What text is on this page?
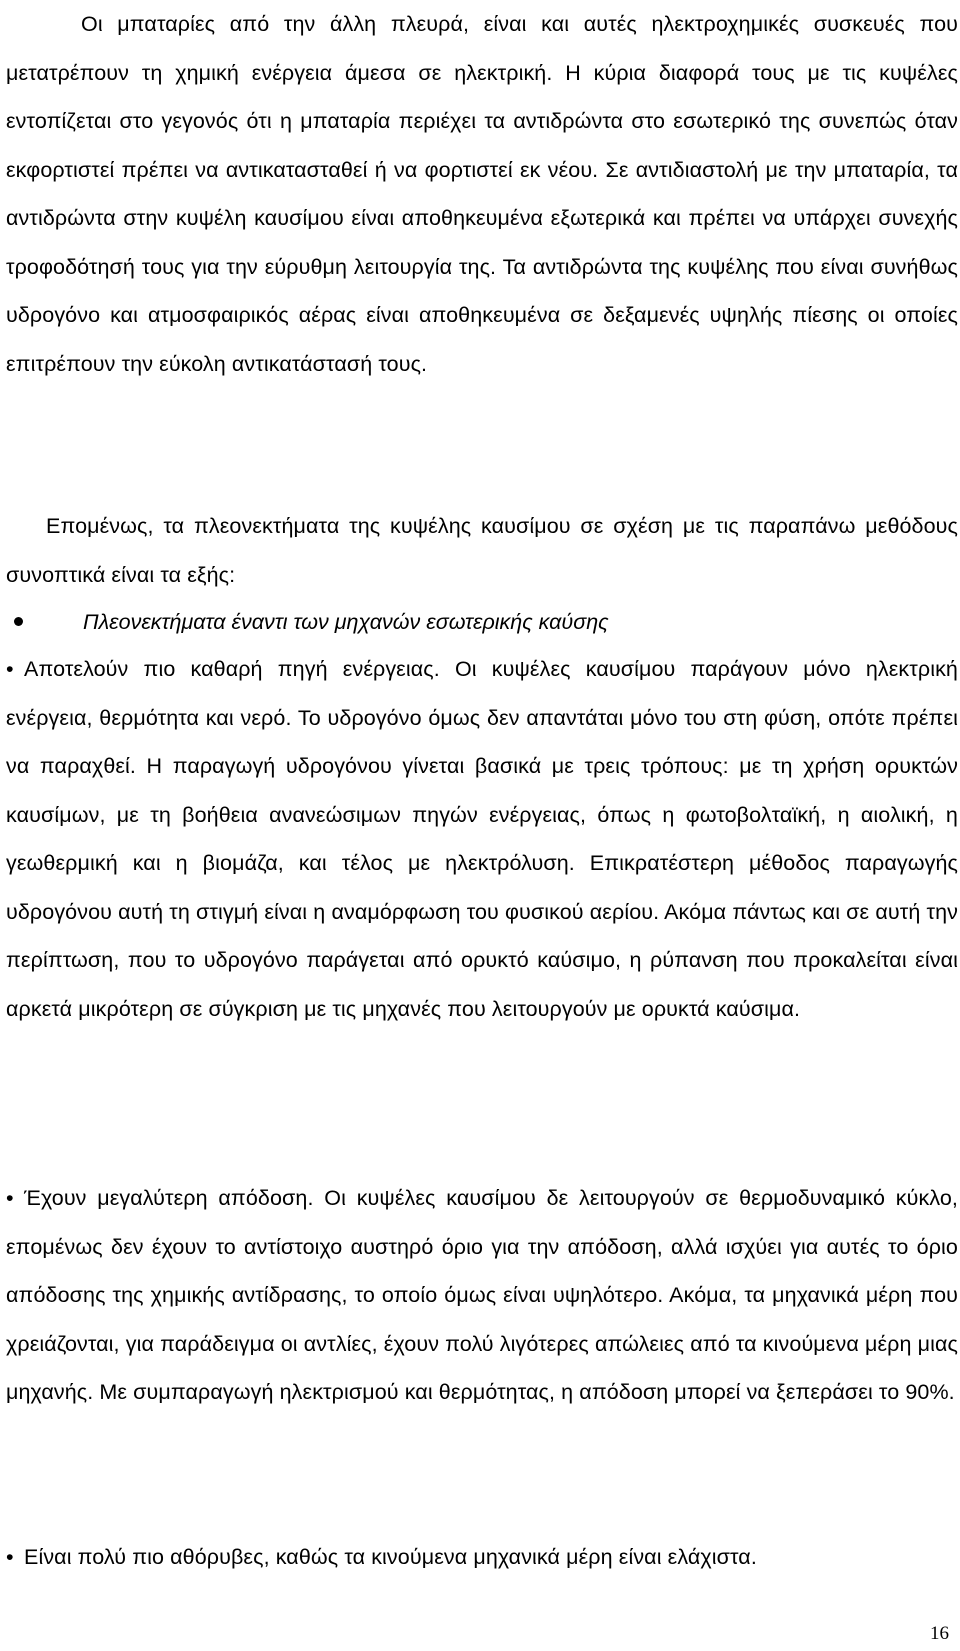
Οι μπαταρίες από την άλλη πλευρά, είναι και αυτές ηλεκτροχημικές συσκευές που μετατρέπουν τη χημική ενέργεια άμεσα σε ηλεκτρική. Η κύρια διαφορά τους με τις κυψέλες εντοπίζεται στο γεγονός ότι η μπαταρία περιέχει τα αντιδρώντα στο εσωτερικό της συνεπώς όταν εκφορτιστεί πρέπει να αντικατασταθεί ή να φορτιστεί εκ νέου. Σε αντιδιαστολή με την μπαταρία, τα αντιδρώντα στην κυψέλη καυσίμου είναι αποθηκευμένα εξωτερικά και πρέπει να υπάρχει συνεχής τροφοδότησή τους για την εύρυθμη λειτουργία της. Τα αντιδρώντα της κυψέλης που είναι συνήθως υδρογόνο και ατμοσφαιρικός αέρας είναι αποθηκευμένα σε δεξαμενές υψηλής πίεσης οι οποίες επιτρέπουν την εύκολη αντικατάστασή τους.

Επομένως, τα πλεονεκτήματα της κυψέλης καυσίμου σε σχέση με τις παραπάνω μεθόδους συνοπτικά είναι τα εξής:

Πλεονεκτήματα έναντι των μηχανών εσωτερικής καύσης

• Αποτελούν πιο καθαρή πηγή ενέργειας. Οι κυψέλες καυσίμου παράγουν μόνο ηλεκτρική ενέργεια, θερμότητα και νερό. Το υδρογόνο όμως δεν απαντάται μόνο του στη φύση, οπότε πρέπει να παραχθεί. Η παραγωγή υδρογόνου γίνεται βασικά με τρεις τρόπους: με τη χρήση ορυκτών καυσίμων, με τη βοήθεια ανανεώσιμων πηγών ενέργειας, όπως η φωτοβολταϊκή, η αιολική, η γεωθερμική και η βιομάζα, και τέλος με ηλεκτρόλυση. Επικρατέστερη μέθοδος παραγωγής υδρογόνου αυτή τη στιγμή είναι η αναμόρφωση του φυσικού αερίου. Ακόμα πάντως και σε αυτή την περίπτωση, που το υδρογόνο παράγεται από ορυκτό καύσιμο, η ρύπανση που προκαλείται είναι αρκετά μικρότερη σε σύγκριση με τις μηχανές που λειτουργούν με ορυκτά καύσιμα.

• Έχουν μεγαλύτερη απόδοση. Οι κυψέλες καυσίμου δε λειτουργούν σε θερμοδυναμικό κύκλο, επομένως δεν έχουν το αντίστοιχο αυστηρό όριο για την απόδοση, αλλά ισχύει για αυτές το όριο απόδοσης της χημικής αντίδρασης, το οποίο όμως είναι υψηλότερο. Ακόμα, τα μηχανικά μέρη που χρειάζονται, για παράδειγμα οι αντλίες, έχουν πολύ λιγότερες απώλειες από τα κινούμενα μέρη μιας μηχανής. Με συμπαραγωγή ηλεκτρισμού και θερμότητας, η απόδοση μπορεί να ξεπεράσει το 90%.

• Είναι πολύ πιο αθόρυβες, καθώς τα κινούμενα μηχανικά μέρη είναι ελάχιστα.

16
